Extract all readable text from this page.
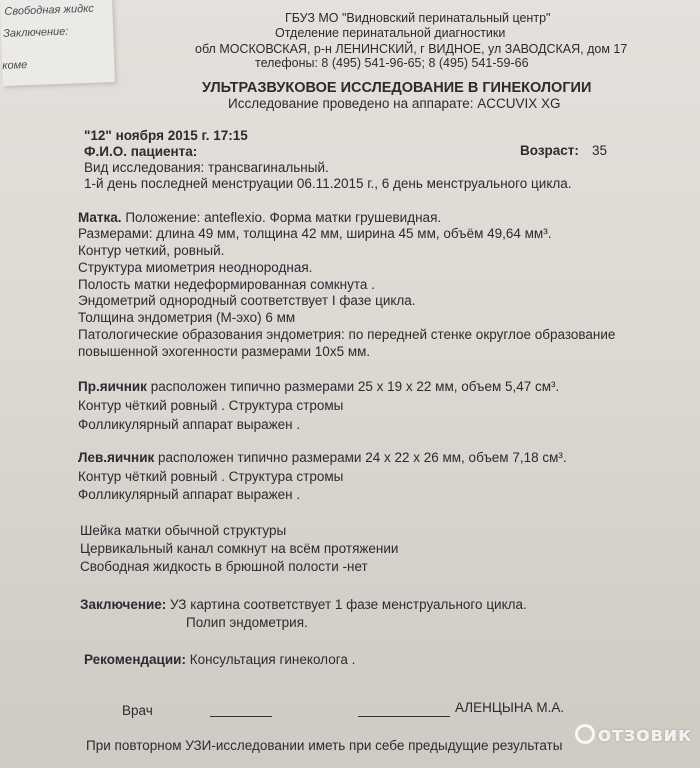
Свободная жидкс
Заключение:
коме
ГБУЗ МО "Видновский перинатальный центр"
Отделение перинатальной диагностики
обл МОСКОВСКАЯ, р-н ЛЕНИНСКИЙ, г ВИДНОЕ, ул ЗАВОДСКАЯ, дом 17
телефоны: 8 (495) 541-96-65; 8 (495) 541-59-66
УЛЬТРАЗВУКОВОЕ ИССЛЕДОВАНИЕ В ГИНЕКОЛОГИИ
Исследование проведено на аппарате: ACCUVIX XG
"12" ноября 2015 г. 17:15
Ф.И.О. пациента:	Возраст: 35
Вид исследования: трансвагинальный.
1-й день последней менструации 06.11.2015 г., 6 день менструального цикла.
Матка. Положение: anteflexio. Форма матки грушевидная.
Размерами: длина 49 мм, толщина 42 мм, ширина 45 мм, объём 49,64 мм³.
Контур четкий, ровный.
Структура миометрия неоднородная.
Полость матки недеформированная сомкнута .
Эндометрий однородный соответствует I фазе цикла.
Толщина эндометрия (М-эхо) 6 мм
Патологические образования эндометрия: по передней стенке округлое образование
повышенной эхогенности размерами 10х5 мм.
Пр.яичник расположен типично размерами 25 х 19 х 22 мм, объем 5,47 см³.
Контур чёткий ровный . Структура стромы
Фолликулярный аппарат выражен .
Лев.яичник расположен типично размерами 24 х 22 х 26 мм, объем 7,18 см³.
Контур чёткий ровный . Структура стромы
Фолликулярный аппарат выражен .
Шейка матки обычной структуры
Цервикальный канал сомкнут на всём протяжении
Свободная жидкость в брюшной полости -нет
Заключение: УЗ картина соответствует 1 фазе менструального цикла.
Полип эндометрия.
Рекомендации: Консультация гинеколога .
Врач	АЛЕНЦЫНА М.А.
При повторном УЗИ-исследовании иметь при себе предыдущие результаты	отзовик
